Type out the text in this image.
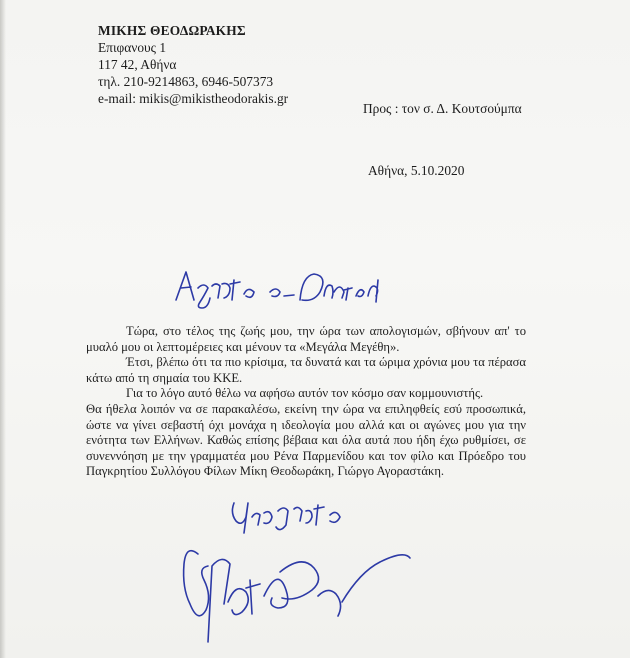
ΜΙΚΗΣ ΘΕΟΔΩΡΑΚΗΣ
Επιφανους 1
117 42, Αθήνα
τηλ. 210-9214863, 6946-507373
e-mail: mikis@mikistheodorakis.gr
Προς : τον σ. Δ. Κουτσούμπα
Αθήνα, 5.10.2020

Τώρα, στο τέλος της ζωής μου, την ώρα των απολογισμών, σβήνουν απ' το μυαλό μου οι λεπτομέρειες και μένουν τα «Μεγάλα Μεγέθη».

Έτσι, βλέπω ότι τα πιο κρίσιμα, τα δυνατά και τα ώριμα χρόνια μου τα πέρασα κάτω από τη σημαία του ΚΚΕ.

Για το λόγο αυτό θέλω να αφήσω αυτόν τον κόσμο σαν κομμουνιστής.

Θα ήθελα λοιπόν να σε παρακαλέσω, εκείνη την ώρα να επιληφθείς εσύ προσωπικά, ώστε να γίνει σεβαστή όχι μονάχα η ιδεολογία μου αλλά και οι αγώνες μου για την ενότητα των Ελλήνων. Καθώς επίσης βέβαια και όλα αυτά που ήδη έχω ρυθμίσει, σε συνεννόηση με την γραμματέα μου Ρένα Παρμενίδου και τον φίλο και Πρόεδρο του Παγκρητίου Συλλόγου Φίλων Μίκη Θεοδωράκη, Γιώργο Αγοραστάκη.
